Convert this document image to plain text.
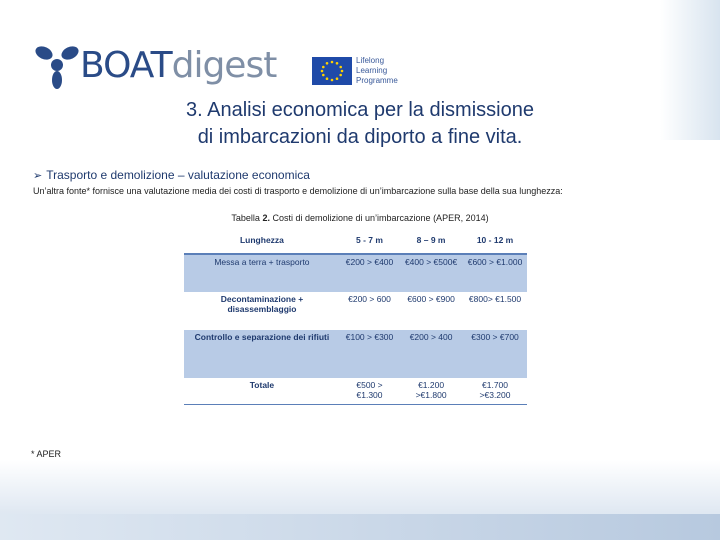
BOATdigest	Lifelong
Learning
Programme
3. Analisi economica per la dismissione
di imbarcazioni da diporto a fine vita.
➢ Trasporto e demolizione – valutazione economica
Un’altra fonte* fornisce una valutazione media dei costi di trasporto e demolizione di un’imbarcazione sulla base della sua lunghezza:
Tabella 2. Costi di demolizione di un’imbarcazione (APER, 2014)
Lunghezza	5 - 7 m	8 – 9 m	10 - 12 m
Messa a terra + trasporto	€200 > €400	€400 > €500€	€600 > €1.000
Decontaminazione + disassemblaggio	€200 > 600	€600 > €900	€800> €1.500
Controllo e separazione dei rifiuti	€100 > €300	€200 > 400	€300 > €700
Totale	€500 > €1.300	€1.200 >€1.800	€1.700 >€3.200
* APER
